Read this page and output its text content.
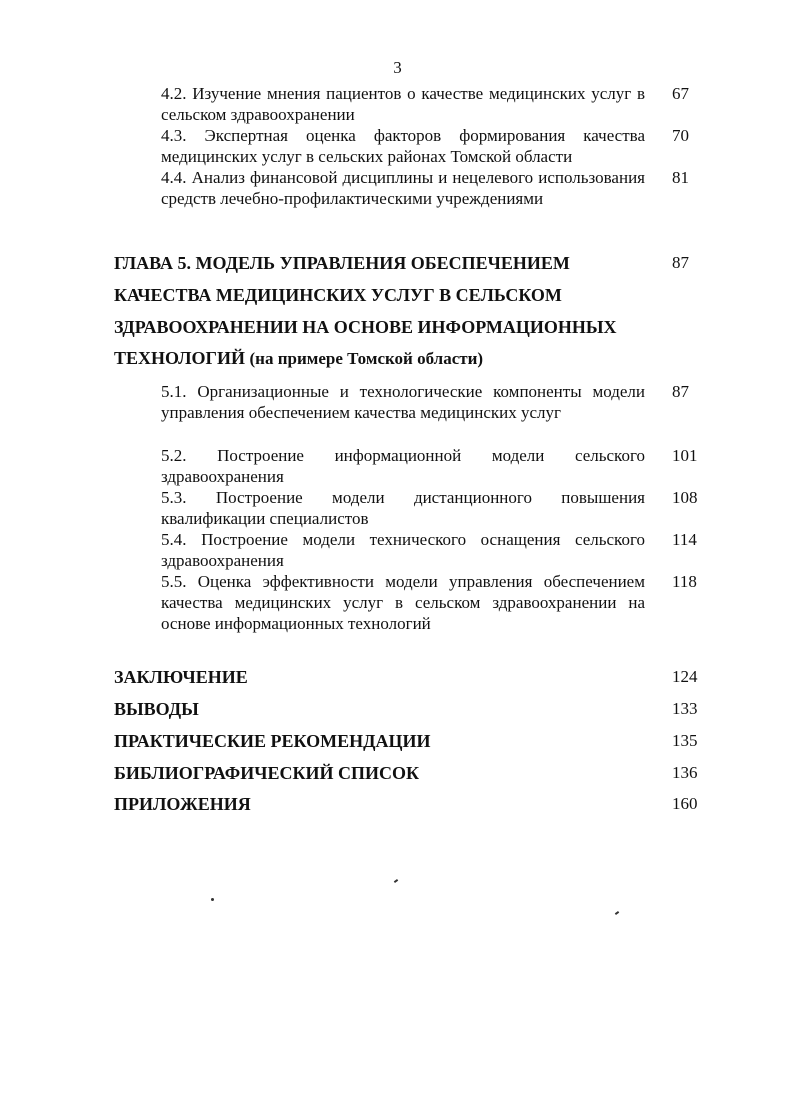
3
4.2. Изучение мнения пациентов о качестве медицинских услуг в сельском здравоохранении
67
4.3. Экспертная оценка факторов формирования качества медицинских услуг в сельских районах Томской области
70
4.4. Анализ финансовой дисциплины и нецелевого использования средств лечебно-профилактическими учреждениями
81
ГЛАВА 5. МОДЕЛЬ УПРАВЛЕНИЯ ОБЕСПЕЧЕНИЕМ	87
КАЧЕСТВА МЕДИЦИНСКИХ УСЛУГ В СЕЛЬСКОМ
ЗДРАВООХРАНЕНИИ НА ОСНОВЕ ИНФОРМАЦИОННЫХ
ТЕХНОЛОГИЙ (на примере Томской области)
5.1. Организационные и технологические компоненты модели управления обеспечением качества медицинских услуг
87
5.2. Построение информационной модели сельского здравоохранения
101
5.3. Построение модели дистанционного повышения квалификации специалистов
108
5.4. Построение модели технического оснащения сельского здравоохранения
114
5.5. Оценка эффективности модели управления обеспечением качества медицинских услуг в сельском здравоохранении на основе информационных технологий
118
ЗАКЛЮЧЕНИЕ	124
ВЫВОДЫ	133
ПРАКТИЧЕСКИЕ РЕКОМЕНДАЦИИ	135
БИБЛИОГРАФИЧЕСКИЙ СПИСОК	136
ПРИЛОЖЕНИЯ	160
